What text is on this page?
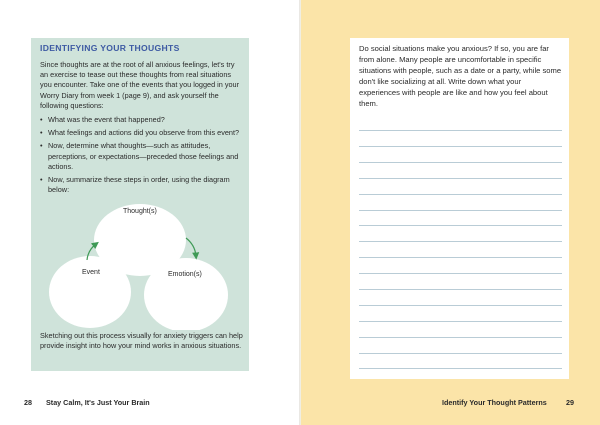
IDENTIFYING YOUR THOUGHTS
Since thoughts are at the root of all anxious feelings, let's try an exercise to tease out these thoughts from real situations you encounter. Take one of the events that you logged in your Worry Diary from week 1 (page 9), and ask yourself the following questions:
• What was the event that happened?
• What feelings and actions did you observe from this event?
• Now, determine what thoughts—such as attitudes, perceptions, or expectations—preceded those feelings and actions.
• Now, summarize these steps in order, using the diagram below:
Thought(s)
Event	Emotion(s)
Sketching out this process visually for anxiety triggers can help provide insight into how your mind works in anxious situations.
28 Stay Calm, It's Just Your Brain
Do social situations make you anxious? If so, you are far from alone. Many people are uncomfortable in specific situations with people, such as a date or a party, while some don't like socializing at all. Write down what your experiences with people are like and how you feel about them.
Identify Your Thought Patterns	29
